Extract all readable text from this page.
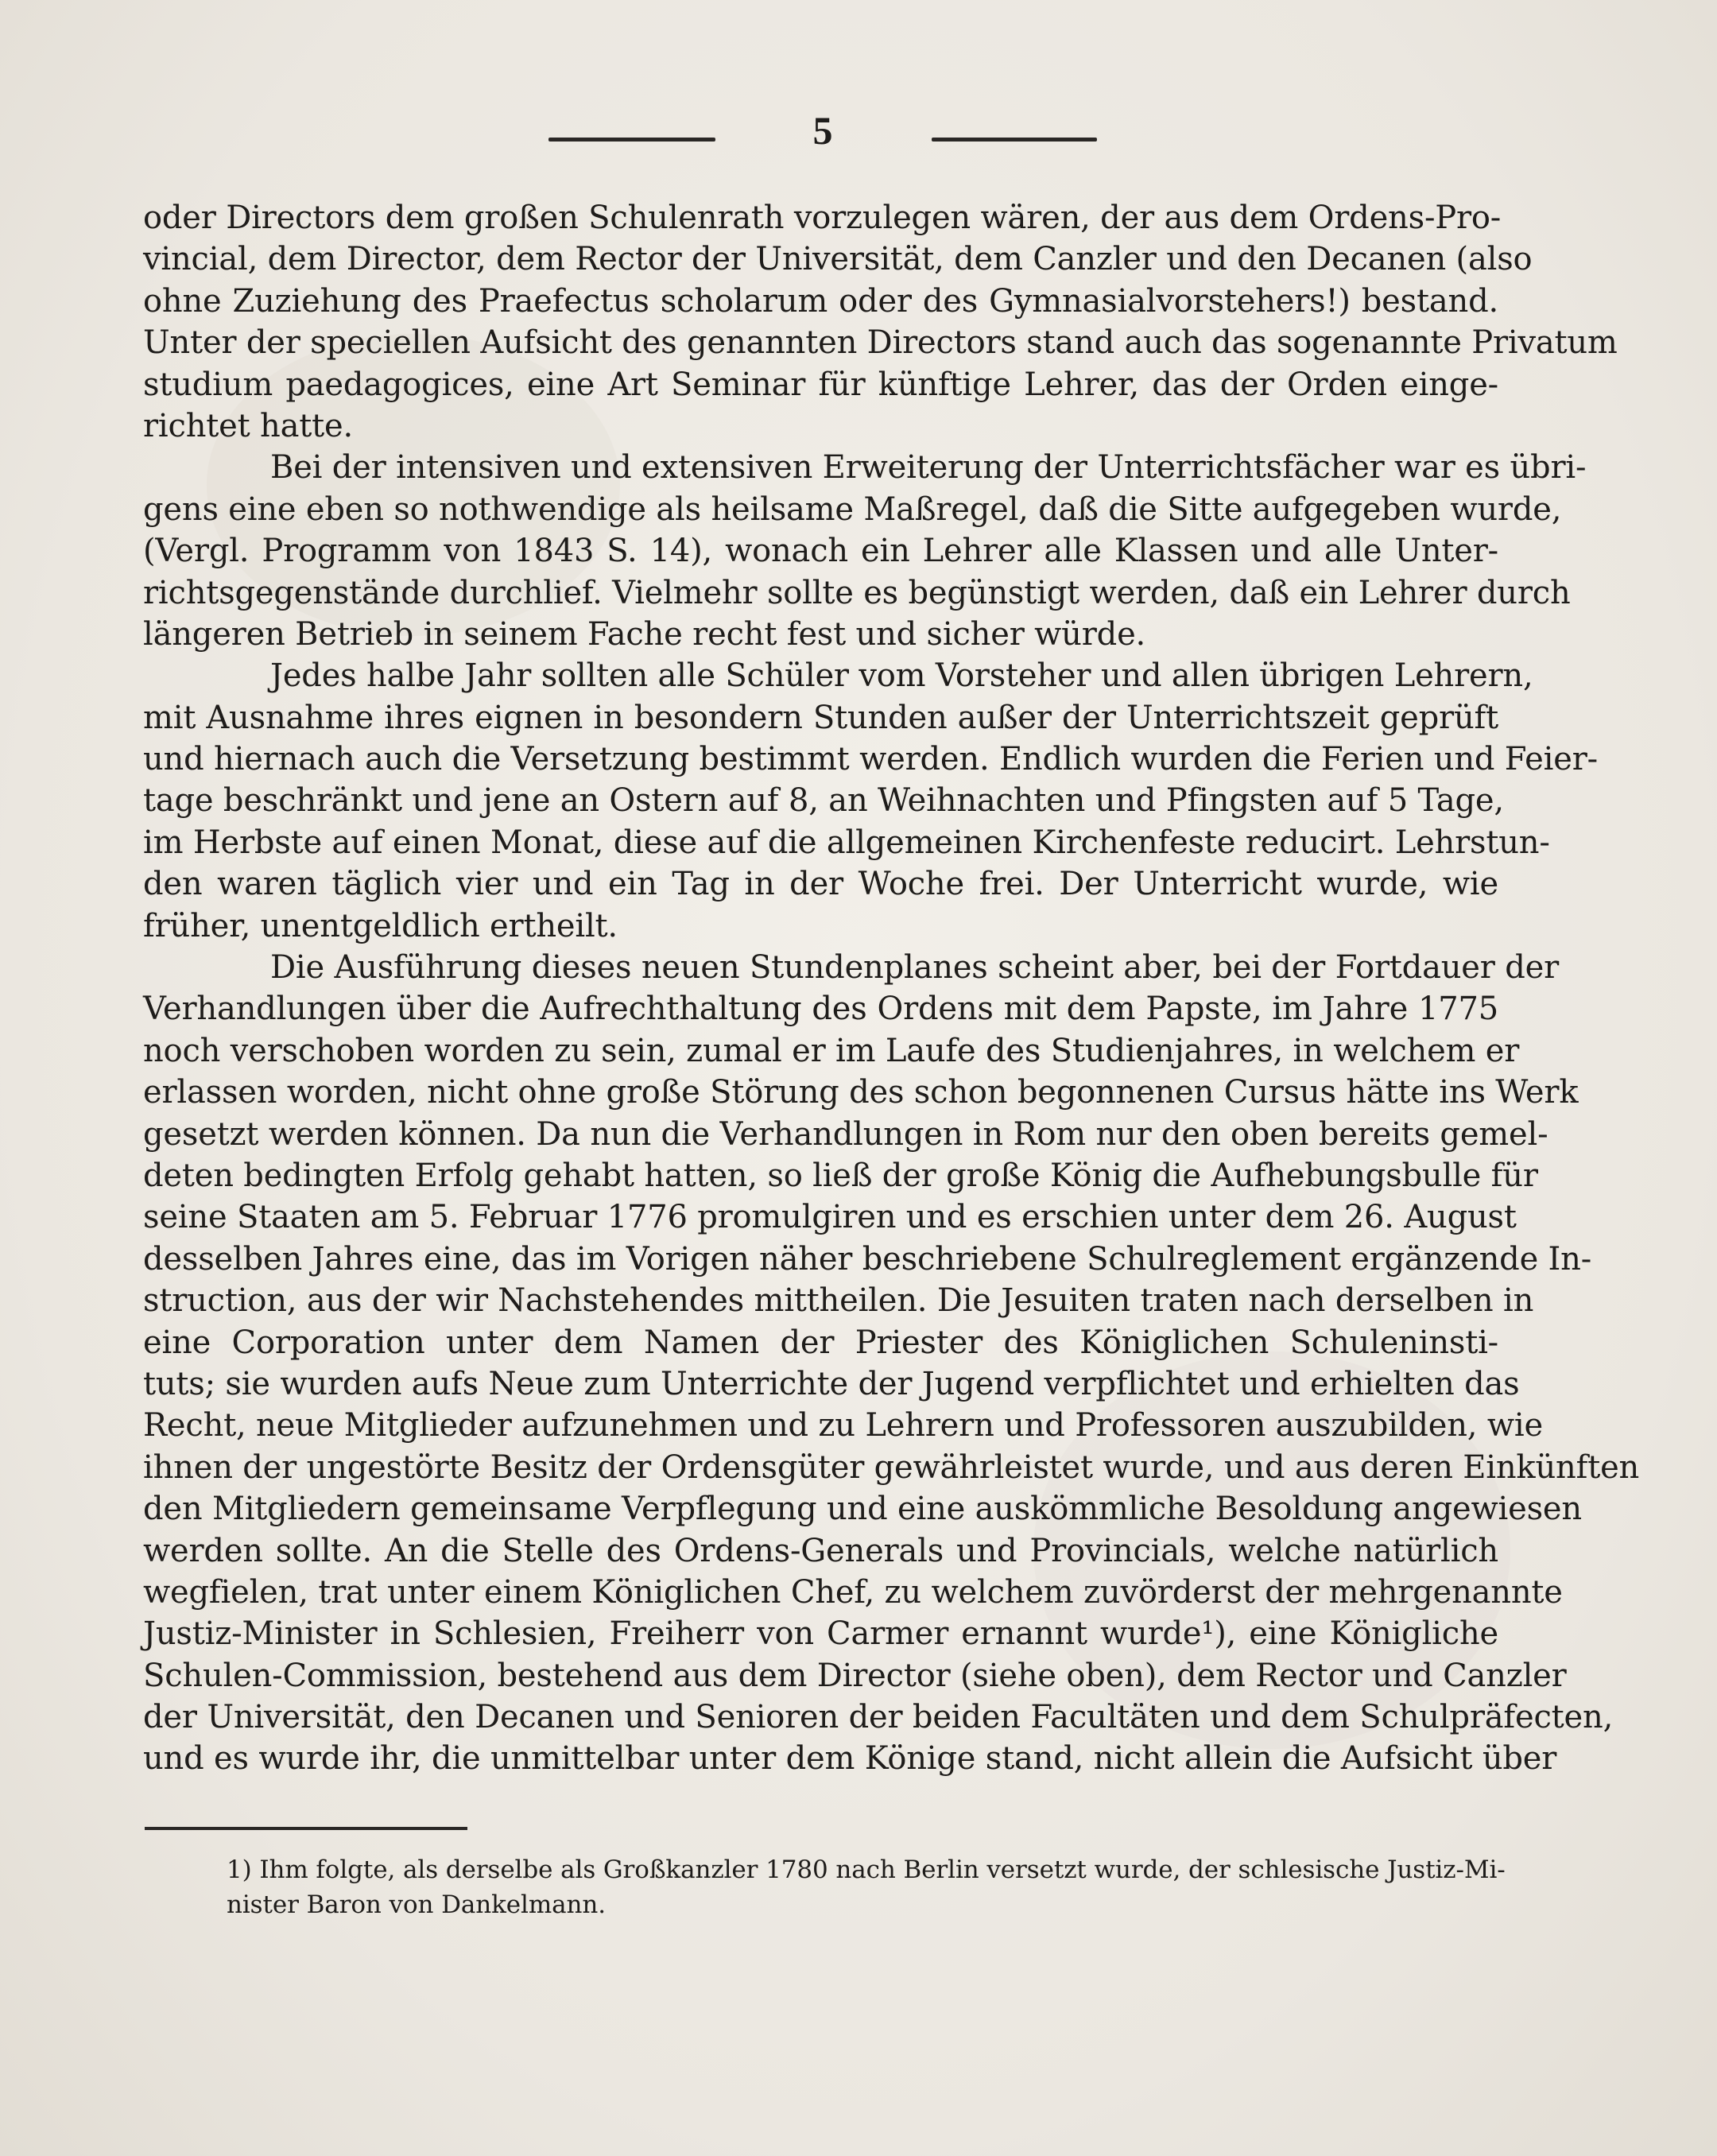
5
oder Directors dem großen Schulenrath vorzulegen wären, der aus dem Ordens-Pro-
vincial, dem Director, dem Rector der Universität, dem Canzler und den Decanen (also
ohne Zuziehung des Praefectus scholarum oder des Gymnasialvorstehers!) bestand.
Unter der speciellen Aufsicht des genannten Directors stand auch das sogenannte Privatum
studium paedagogices, eine Art Seminar für künftige Lehrer, das der Orden einge-
richtet hatte.
Bei der intensiven und extensiven Erweiterung der Unterrichtsfächer war es übri-
gens eine eben so nothwendige als heilsame Maßregel, daß die Sitte aufgegeben wurde,
(Vergl. Programm von 1843 S. 14), wonach ein Lehrer alle Klassen und alle Unter-
richtsgegenstände durchlief. Vielmehr sollte es begünstigt werden, daß ein Lehrer durch
längeren Betrieb in seinem Fache recht fest und sicher würde.
Jedes halbe Jahr sollten alle Schüler vom Vorsteher und allen übrigen Lehrern,
mit Ausnahme ihres eignen in besondern Stunden außer der Unterrichtszeit geprüft
und hiernach auch die Versetzung bestimmt werden. Endlich wurden die Ferien und Feier-
tage beschränkt und jene an Ostern auf 8, an Weihnachten und Pfingsten auf 5 Tage,
im Herbste auf einen Monat, diese auf die allgemeinen Kirchenfeste reducirt. Lehrstun-
den waren täglich vier und ein Tag in der Woche frei. Der Unterricht wurde, wie
früher, unentgeldlich ertheilt.
Die Ausführung dieses neuen Stundenplanes scheint aber, bei der Fortdauer der
Verhandlungen über die Aufrechthaltung des Ordens mit dem Papste, im Jahre 1775
noch verschoben worden zu sein, zumal er im Laufe des Studienjahres, in welchem er
erlassen worden, nicht ohne große Störung des schon begonnenen Cursus hätte ins Werk
gesetzt werden können. Da nun die Verhandlungen in Rom nur den oben bereits gemel-
deten bedingten Erfolg gehabt hatten, so ließ der große König die Aufhebungsbulle für
seine Staaten am 5. Februar 1776 promulgiren und es erschien unter dem 26. August
desselben Jahres eine, das im Vorigen näher beschriebene Schulreglement ergänzende In-
struction, aus der wir Nachstehendes mittheilen. Die Jesuiten traten nach derselben in
eine Corporation unter dem Namen der Priester des Königlichen Schuleninsti-
tuts; sie wurden aufs Neue zum Unterrichte der Jugend verpflichtet und erhielten das
Recht, neue Mitglieder aufzunehmen und zu Lehrern und Professoren auszubilden, wie
ihnen der ungestörte Besitz der Ordensgüter gewährleistet wurde, und aus deren Einkünften
den Mitgliedern gemeinsame Verpflegung und eine auskömmliche Besoldung angewiesen
werden sollte. An die Stelle des Ordens-Generals und Provincials, welche natürlich
wegfielen, trat unter einem Königlichen Chef, zu welchem zuvörderst der mehrgenannte
Justiz-Minister in Schlesien, Freiherr von Carmer ernannt wurde¹), eine Königliche
Schulen-Commission, bestehend aus dem Director (siehe oben), dem Rector und Canzler
der Universität, den Decanen und Senioren der beiden Facultäten und dem Schulpräfecten,
und es wurde ihr, die unmittelbar unter dem Könige stand, nicht allein die Aufsicht über
1) Ihm folgte, als derselbe als Großkanzler 1780 nach Berlin versetzt wurde, der schlesische Justiz-Mi-
nister Baron von Dankelmann.
